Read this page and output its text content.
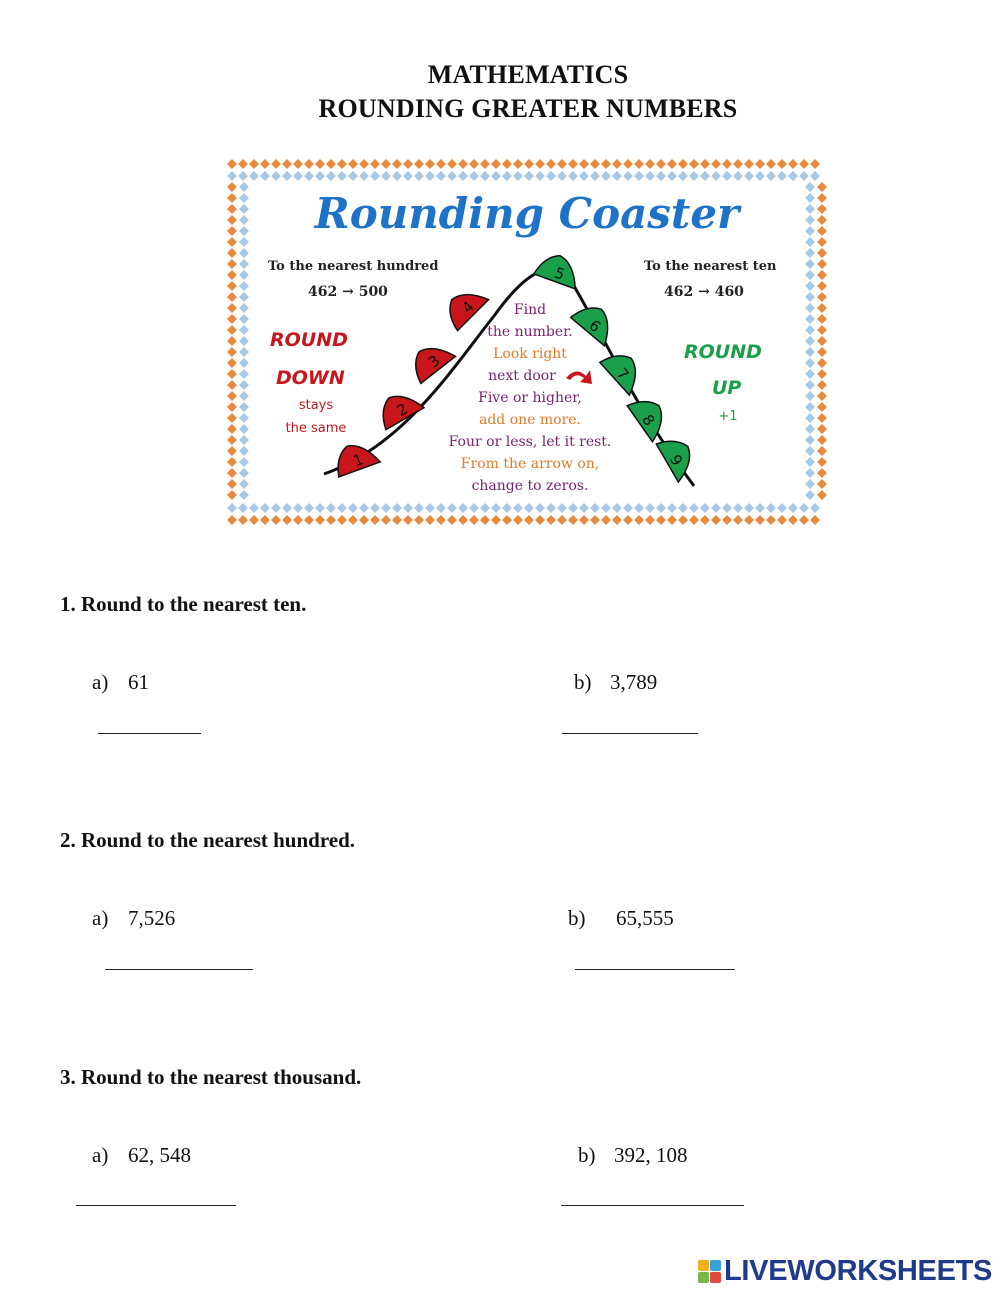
MATHEMATICS
ROUNDING GREATER NUMBERS
Rounding Coaster
To the nearest hundred
462 → 500
To the nearest ten
462 → 460
ROUND
DOWN
stays
the same
ROUND
UP
+1
1
2
3
4
5
6
7
8
9
Find
the number.
Look right
next door
Five or higher,
add one more.
Four or less, let it rest.
From the arrow on,
change to zeros.
1. Round to the nearest ten.
a) 61	b) 3,789
2. Round to the nearest hundred.
a) 7,526	b) 65,555
3. Round to the nearest thousand.
a) 62, 548	b) 392, 108
LIVEWORKSHEETS
